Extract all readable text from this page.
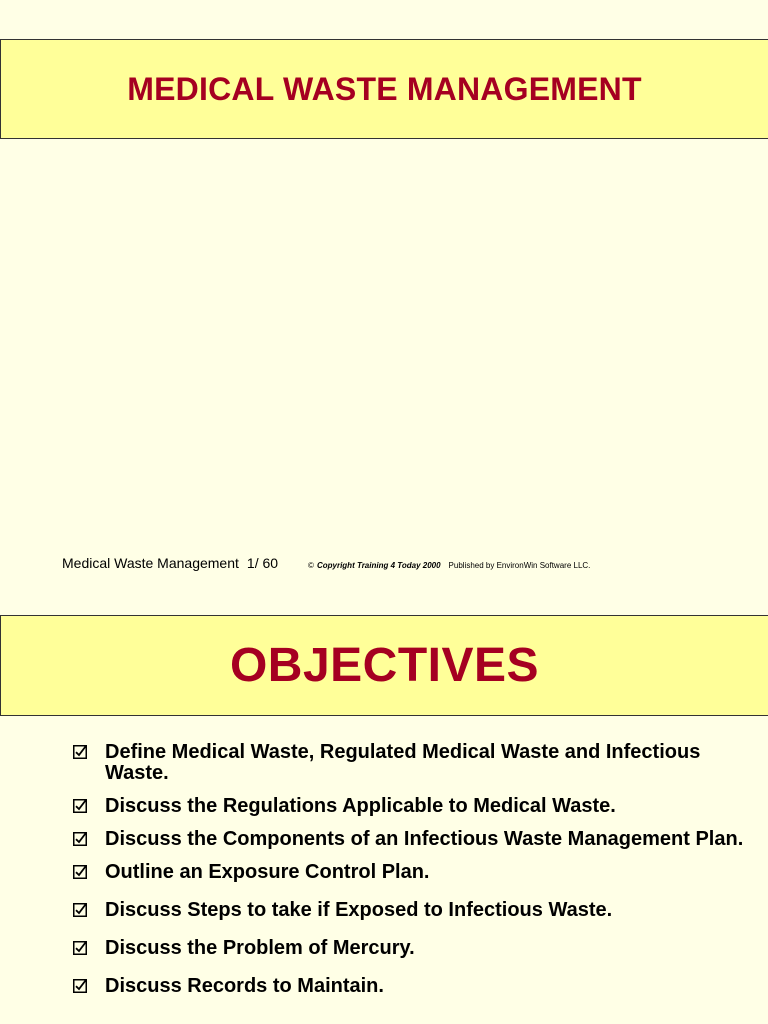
MEDICAL WASTE MANAGEMENT
Medical Waste Management 1/ 60	© Copyright Training 4 Today 2000 Published by EnvironWin Software LLC.
OBJECTIVES
Define Medical Waste, Regulated Medical Waste and Infectious Waste.
Discuss the Regulations Applicable to Medical Waste.
Discuss the Components of an Infectious Waste Management Plan.
Outline an Exposure Control Plan.
Discuss Steps to take if Exposed to Infectious Waste.
Discuss the Problem of Mercury.
Discuss Records to Maintain.
